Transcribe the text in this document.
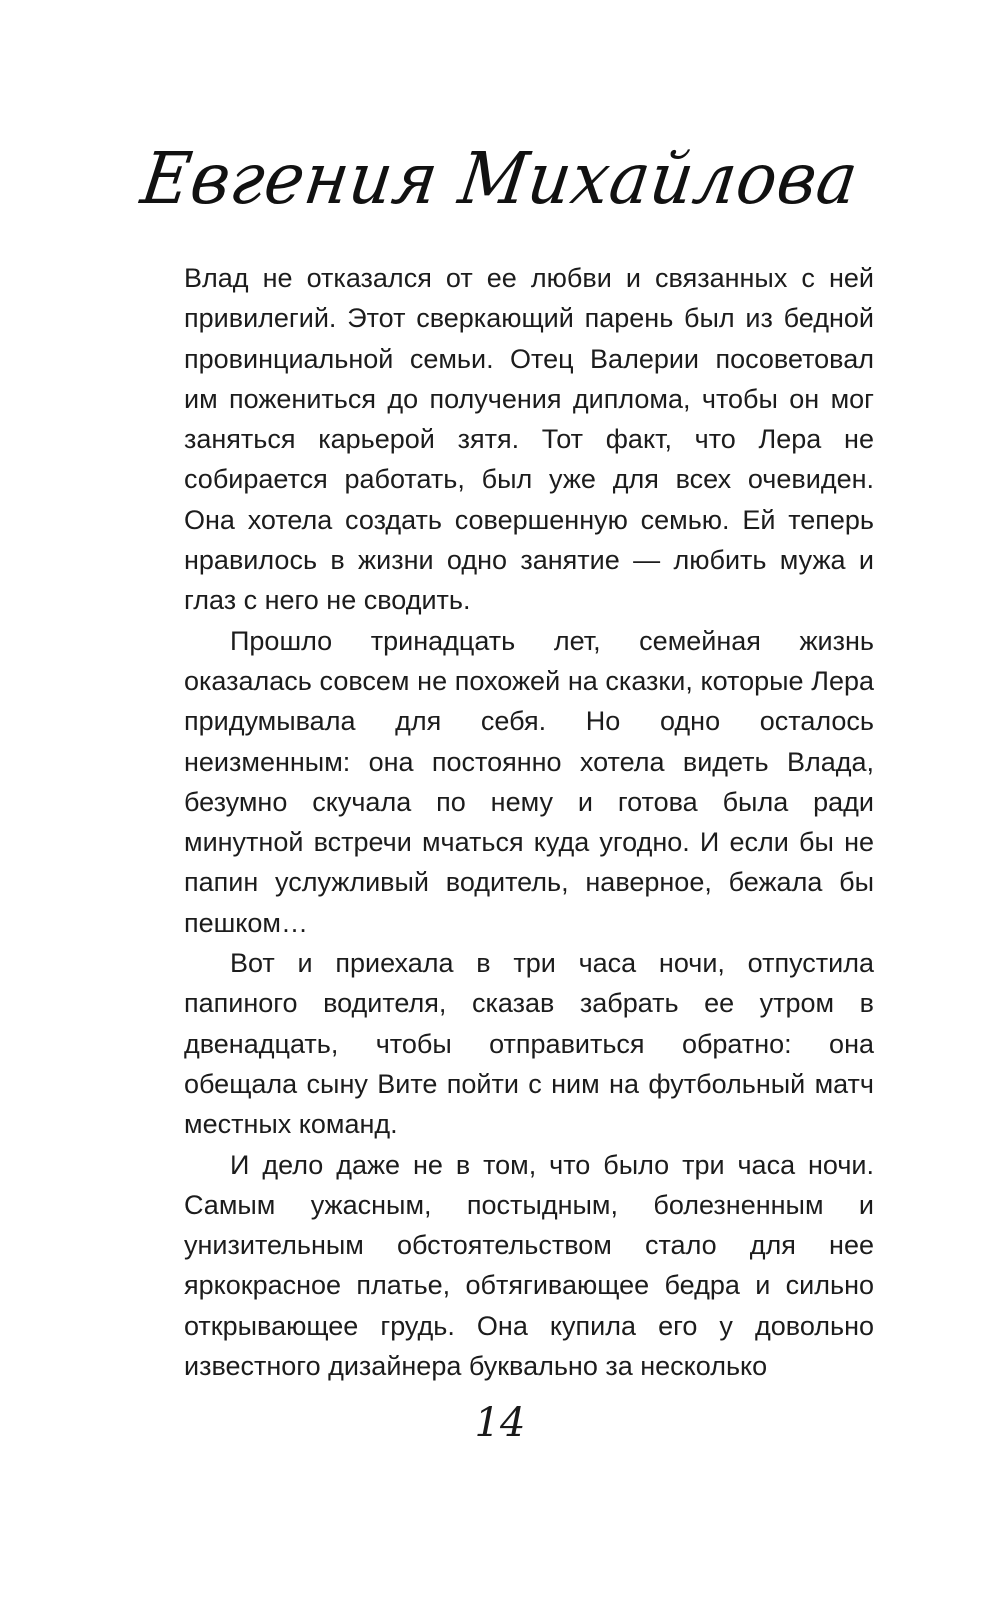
Евгения Михайлова

Влад не отказался от ее любви и связанных с ней привилегий. Этот сверкающий парень был из бедной провинциальной семьи. Отец Валерии посоветовал им пожениться до получения диплома, чтобы он мог заняться карьерой зятя. Тот факт, что Лера не собирается работать, был уже для всех очевиден. Она хотела создать совершенную семью. Ей теперь нравилось в жизни одно занятие — любить мужа и глаз с него не сводить.

Прошло тринадцать лет, семейная жизнь оказалась совсем не похожей на сказки, которые Лера придумывала для себя. Но одно осталось неизменным: она постоянно хотела видеть Влада, безумно скучала по нему и готова была ради минутной встречи мчаться куда угодно. И если бы не папин услужливый водитель, наверное, бежала бы пешком…

Вот и приехала в три часа ночи, отпустила папиного водителя, сказав забрать ее утром в двенадцать, чтобы отправиться обратно: она обещала сыну Вите пойти с ним на футбольный матч местных команд.

И дело даже не в том, что было три часа ночи. Самым ужасным, постыдным, болезненным и унизительным обстоятельством стало для нее яркокрасное платье, обтягивающее бедра и сильно открывающее грудь. Она купила его у довольно известного дизайнера буквально за несколько

14
